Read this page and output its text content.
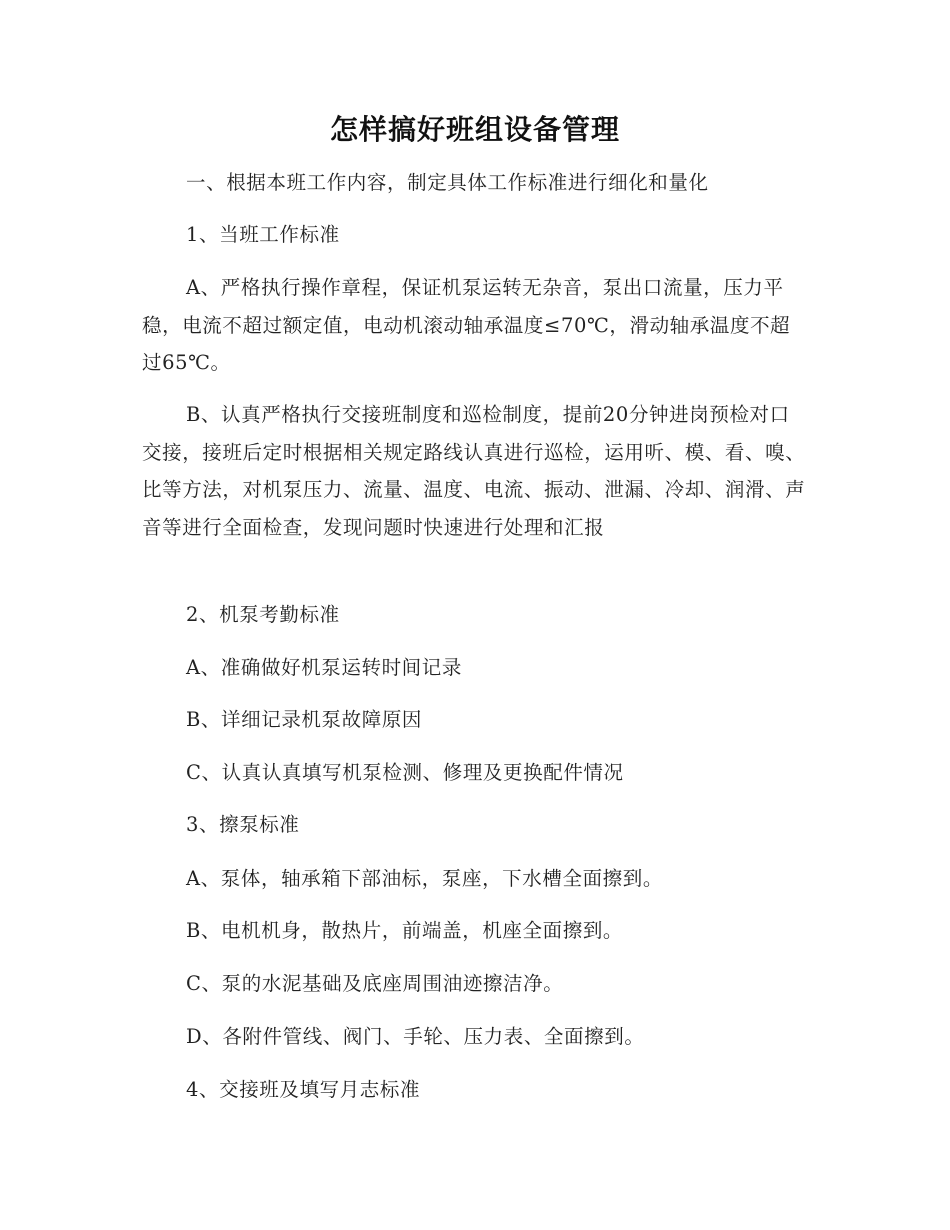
怎样搞好班组设备管理

一、根据本班工作内容，制定具体工作标准进行细化和量化

1、当班工作标准

A、严格执行操作章程，保证机泵运转无杂音，泵出口流量，压力平稳，电流不超过额定值，电动机滚动轴承温度≤70℃，滑动轴承温度不超过65℃。

B、认真严格执行交接班制度和巡检制度，提前20分钟进岗预检对口交接，接班后定时根据相关规定路线认真进行巡检，运用听、模、看、嗅、比等方法，对机泵压力、流量、温度、电流、振动、泄漏、冷却、润滑、声音等进行全面检查，发现问题时快速进行处理和汇报

2、机泵考勤标准

A、准确做好机泵运转时间记录

B、详细记录机泵故障原因

C、认真认真填写机泵检测、修理及更换配件情况

3、擦泵标准

A、泵体，轴承箱下部油标，泵座，下水槽全面擦到。

B、电机机身，散热片，前端盖，机座全面擦到。

C、泵的水泥基础及底座周围油迹擦洁净。

D、各附件管线、阀门、手轮、压力表、全面擦到。

4、交接班及填写月志标准
